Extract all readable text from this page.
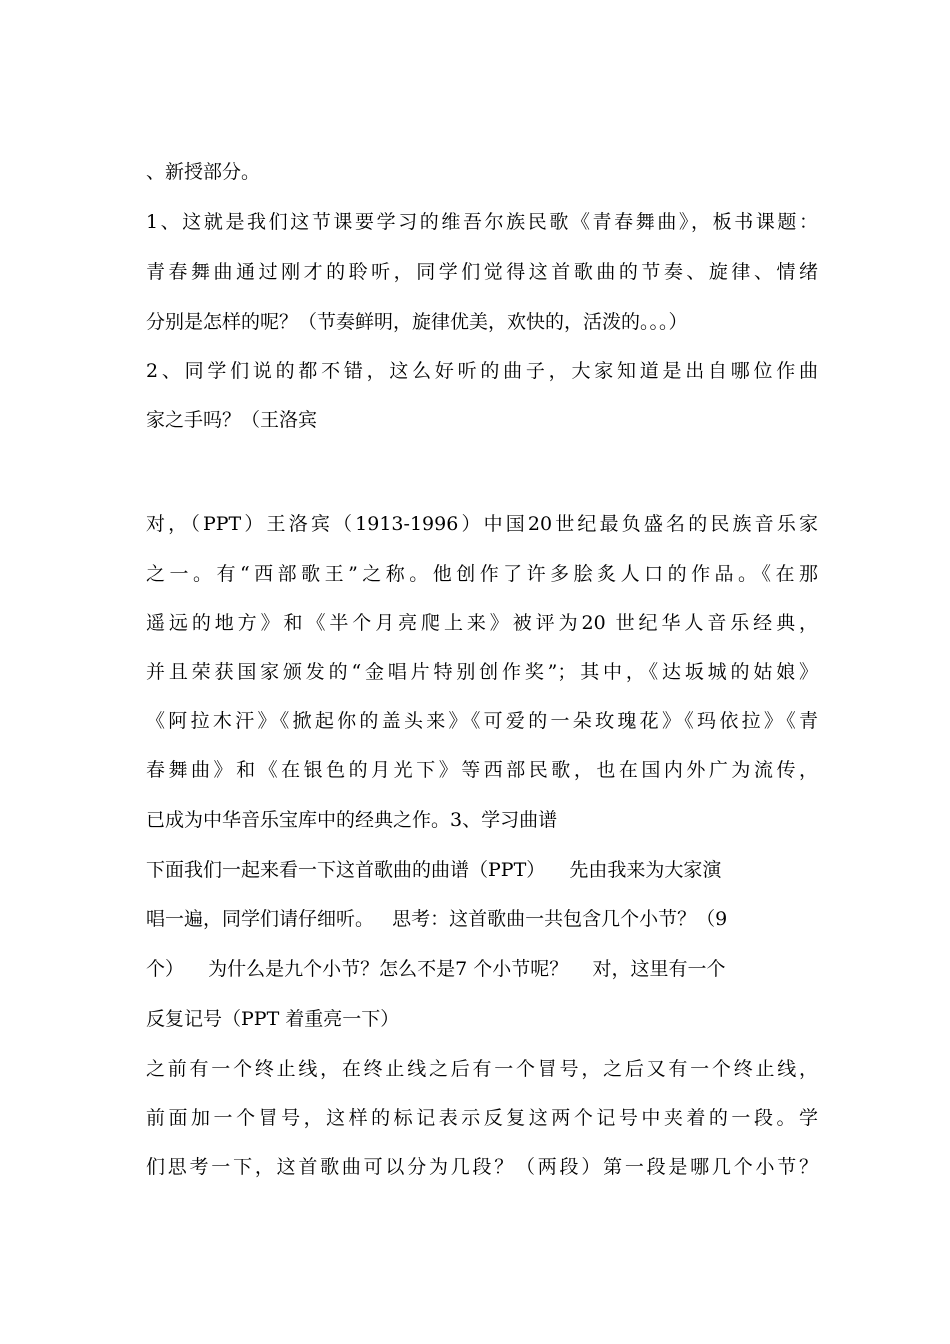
、新授部分。
1、这就是我们这节课要学习的维吾尔族民歌《青春舞曲》，板书课题：
青春舞曲通过刚才的聆听，同学们觉得这首歌曲的节奏、旋律、情绪
分别是怎样的呢？（节奏鲜明，旋律优美，欢快的，活泼的。。。）
2、同学们说的都不错，这么好听的曲子，大家知道是出自哪位作曲
家之手吗？（王洛宾
对，（PPT）王洛宾（1913-1996）中国20世纪最负盛名的民族音乐家
之一。有“西部歌王”之称。他创作了许多脍炙人口的作品。《在那
遥远的地方》和《半个月亮爬上来》被评为20 世纪华人音乐经典，
并且荣获国家颁发的“金唱片特别创作奖”；其中，《达坂城的姑娘》
《阿拉木汗》《掀起你的盖头来》《可爱的一朵玫瑰花》《玛依拉》《青
春舞曲》和《在银色的月光下》等西部民歌，也在国内外广为流传，
已成为中华音乐宝库中的经典之作。3、学习曲谱
下面我们一起来看一下这首歌曲的曲谱（PPT）    先由我来为大家演
唱一遍，同学们请仔细听。   思考：这首歌曲一共包含几个小节？（9
个）    为什么是九个小节？怎么不是7 个小节呢？    对，这里有一个
反复记号（PPT 着重亮一下）
之前有一个终止线，在终止线之后有一个冒号，之后又有一个终止线，
前面加一个冒号，这样的标记表示反复这两个记号中夹着的一段。学
们思考一下，这首歌曲可以分为几段？（两段）第一段是哪几个小节？
